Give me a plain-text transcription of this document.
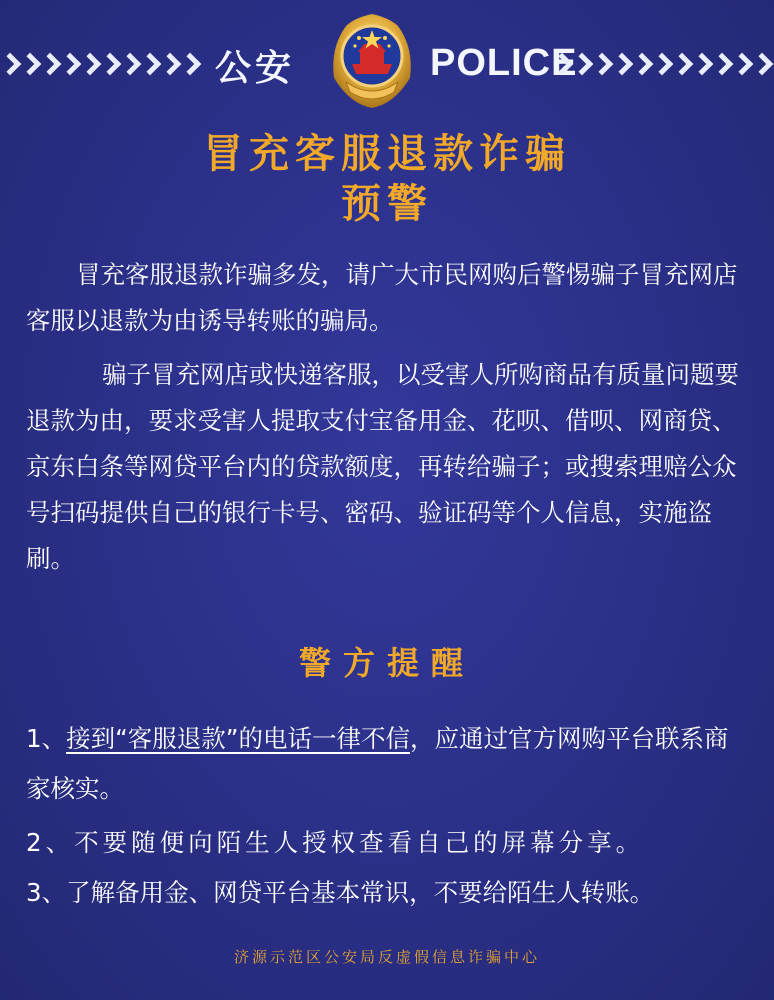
公安	POLICE
冒充客服退款诈骗
预警
冒充客服退款诈骗多发，请广大市民网购后警惕骗子冒充网店客服以退款为由诱导转账的骗局。
骗子冒充网店或快递客服，以受害人所购商品有质量问题要退款为由，要求受害人提取支付宝备用金、花呗、借呗、网商贷、京东白条等网贷平台内的贷款额度，再转给骗子；或搜索理赔公众号扫码提供自己的银行卡号、密码、验证码等个人信息，实施盗刷。
警方提醒
1、接到“客服退款”的电话一律不信，应通过官方网购平台联系商家核实。
2、不要随便向陌生人授权查看自己的屏幕分享。
3、了解备用金、网贷平台基本常识，不要给陌生人转账。
济源示范区公安局反虚假信息诈骗中心
